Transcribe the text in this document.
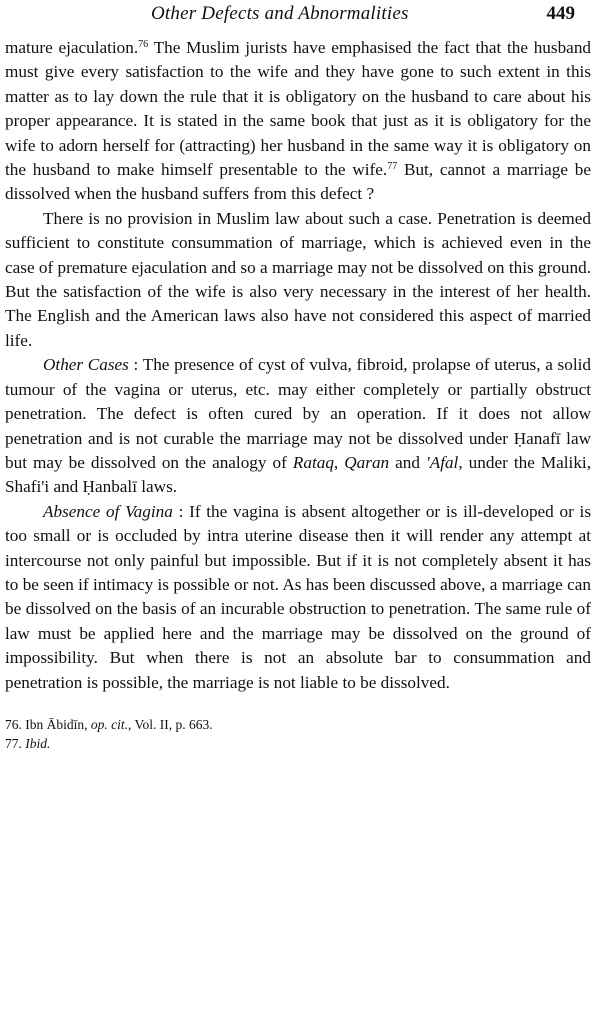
Other Defects and Abnormalities	449

mature ejaculation.$^{76}$ The Muslim jurists have emphasised the fact that the husband must give every satisfaction to the wife and they have gone to such extent in this matter as to lay down the rule that it is obligatory on the husband to care about his proper appearance. It is stated in the same book that just as it is obligatory for the wife to adorn herself for (attracting) her husband in the same way it is obligatory on the husband to make himself presentable to the wife.$^{77}$ But, cannot a marriage be dissolved when the husband suffers from this defect ?

There is no provision in Muslim law about such a case. Penetration is deemed sufficient to constitute consummation of marriage, which is achieved even in the case of premature ejaculation and so a marriage may not be dissolved on this ground. But the satisfaction of the wife is also very necessary in the interest of her health. The English and the American laws also have not considered this aspect of married life.

Other Cases : The presence of cyst of vulva, fibroid, prolapse of uterus, a solid tumour of the vagina or uterus, etc. may either completely or partially obstruct penetration. The defect is often cured by an operation. If it does not allow penetration and is not curable the marriage may not be dissolved under Ḥanafī law but may be dissolved on the analogy of Rataq, Qaran and 'Afal, under the Maliki, Shafi'i and Ḥanbalī laws.

Absence of Vagina : If the vagina is absent altogether or is ill-developed or is too small or is occluded by intra uterine disease then it will render any attempt at intercourse not only painful but impossible. But if it is not completely absent it has to be seen if intimacy is possible or not. As has been discussed above, a marriage can be dissolved on the basis of an incurable obstruction to penetration. The same rule of law must be applied here and the marriage may be dissolved on the ground of impossibility. But when there is not an absolute bar to consummation and penetration is possible, the marriage is not liable to be dissolved.

76. Ibn Ābidīn, op. cit., Vol. II, p. 663.
77. Ibid.
